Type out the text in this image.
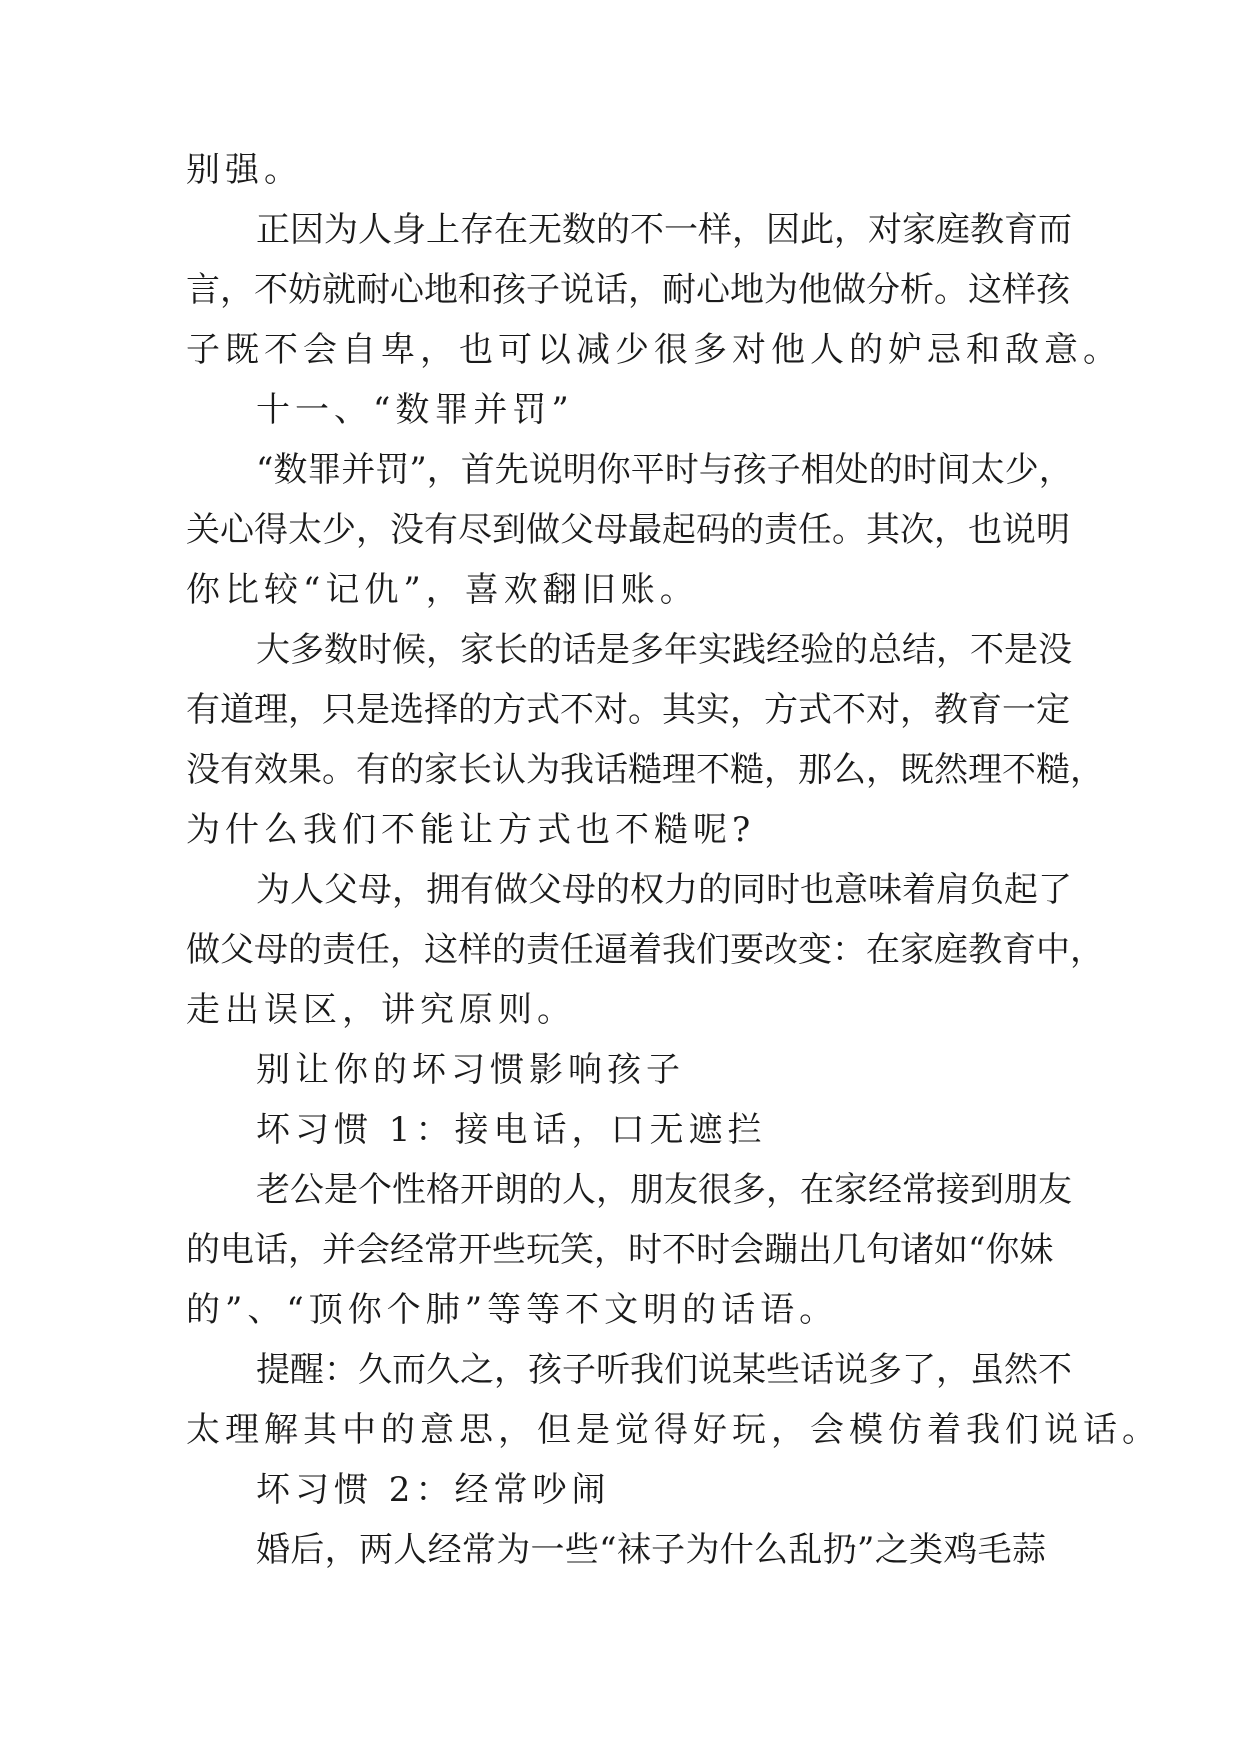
别强。
正因为人身上存在无数的不一样，因此，对家庭教育而
言，不妨就耐心地和孩子说话，耐心地为他做分析。这样孩
子既不会自卑，也可以减少很多对他人的妒忌和敌意。
十一、“数罪并罚”
“数罪并罚”，首先说明你平时与孩子相处的时间太少，
关心得太少，没有尽到做父母最起码的责任。其次，也说明
你比较“记仇”，喜欢翻旧账。
大多数时候，家长的话是多年实践经验的总结，不是没
有道理，只是选择的方式不对。其实，方式不对，教育一定
没有效果。有的家长认为我话糙理不糙，那么，既然理不糙，
为什么我们不能让方式也不糙呢?
为人父母，拥有做父母的权力的同时也意味着肩负起了
做父母的责任，这样的责任逼着我们要改变：在家庭教育中，
走出误区，讲究原则。
别让你的坏习惯影响孩子
坏习惯 1：接电话，口无遮拦
老公是个性格开朗的人，朋友很多，在家经常接到朋友
的电话，并会经常开些玩笑，时不时会蹦出几句诸如“你妹
的”、“顶你个肺”等等不文明的话语。
提醒：久而久之，孩子听我们说某些话说多了，虽然不
太理解其中的意思，但是觉得好玩，会模仿着我们说话。
坏习惯 2：经常吵闹
婚后，两人经常为一些“袜子为什么乱扔”之类鸡毛蒜
